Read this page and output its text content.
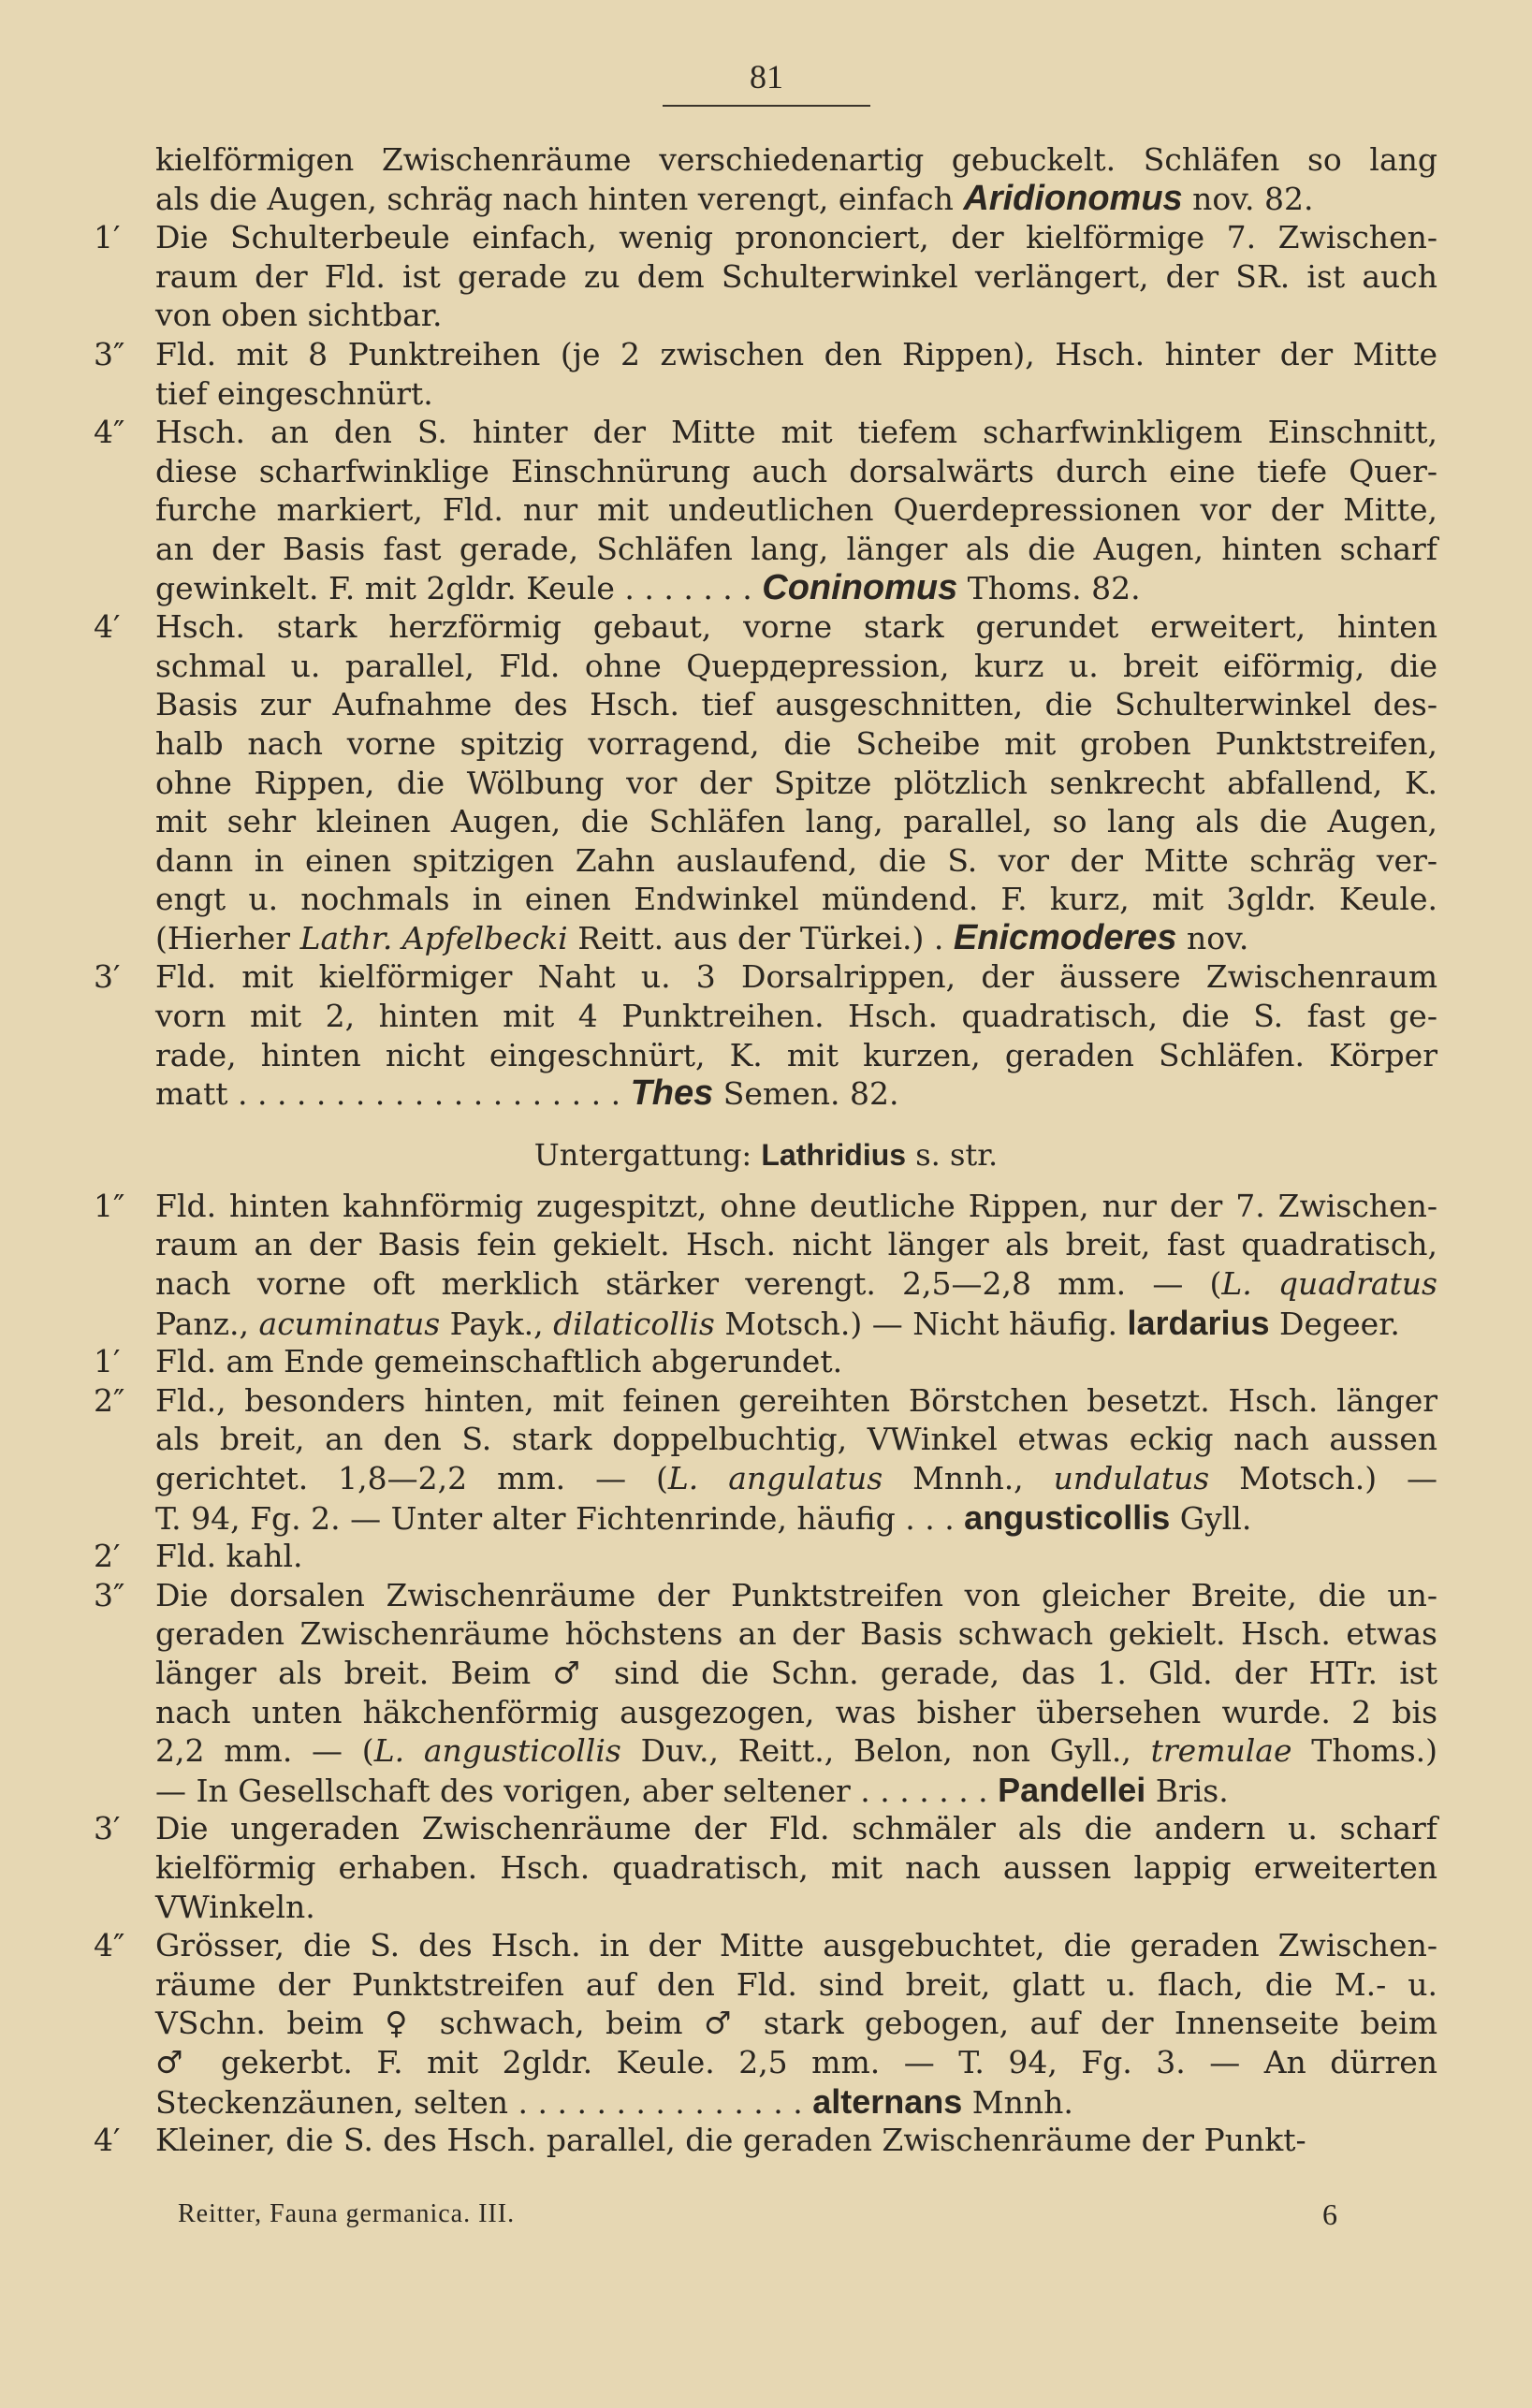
81
kielförmigen Zwischenräume verschiedenartig gebuckelt. Schläfen so lang
als die Augen, schräg nach hinten verengt, einfach Aridionomus nov. 82.
1′	Die Schulterbeule einfach, wenig prononciert, der kielförmige 7. Zwischen-
raum der Fld. ist gerade zu dem Schulterwinkel verlängert, der SR. ist auch
von oben sichtbar.
3″ Fld. mit 8 Punktreihen (je 2 zwischen den Rippen), Hsch. hinter der Mitte
tief eingeschnürt.
4″ Hsch. an den S. hinter der Mitte mit tiefem scharfwinkligem Einschnitt,
diese scharfwinklige Einschnürung auch dorsalwärts durch eine tiefe Quer-
furche markiert, Fld. nur mit undeutlichen Querdepressionen vor der Mitte,
an der Basis fast gerade, Schläfen lang, länger als die Augen, hinten scharf
gewinkelt. F. mit 2gldr. Keule . . . . . . . Coninomus Thoms. 82.
4′	Hsch. stark herzförmig gebaut, vorne stark gerundet erweitert, hinten
schmal u. parallel, Fld. ohne Quердepression, kurz u. breit eiförmig, die
Basis zur Aufnahme des Hsch. tief ausgeschnitten, die Schulterwinkel des-
halb nach vorne spitzig vorragend, die Scheibe mit groben Punktstreifen,
ohne Rippen, die Wölbung vor der Spitze plötzlich senkrecht abfallend, K.
mit sehr kleinen Augen, die Schläfen lang, parallel, so lang als die Augen,
dann in einen spitzigen Zahn auslaufend, die S. vor der Mitte schräg ver-
engt u. nochmals in einen Endwinkel mündend. F. kurz, mit 3gldr. Keule.
(Hierher Lathr. Apfelbecki Reitt. aus der Türkei.) . Enicmoderes nov.
3′	Fld. mit kielförmiger Naht u. 3 Dorsalrippen, der äussere Zwischenraum
vorn mit 2, hinten mit 4 Punktreihen. Hsch. quadratisch, die S. fast ge-
rade, hinten nicht eingeschnürt, K. mit kurzen, geraden Schläfen. Körper
matt . . . . . . . . . . . . . . . . . . . . Thes Semen. 82.
Untergattung: Lathridius s. str.
1″ Fld. hinten kahnförmig zugespitzt, ohne deutliche Rippen, nur der 7. Zwischen-
raum an der Basis fein gekielt. Hsch. nicht länger als breit, fast quadratisch,
nach vorne oft merklich stärker verengt. 2,5—2,8 mm. — (L. quadratus
Panz., acuminatus Payk., dilaticollis Motsch.) — Nicht häufig. lardarius Degeer.
1′	Fld. am Ende gemeinschaftlich abgerundet.
2″ Fld., besonders hinten, mit feinen gereihten Börstchen besetzt. Hsch. länger
als breit, an den S. stark doppelbuchtig, VWinkel etwas eckig nach aussen
gerichtet. 1,8—2,2 mm. — (L. angulatus Mnnh., undulatus Motsch.) —
T. 94, Fg. 2. — Unter alter Fichtenrinde, häufig . . . angusticollis Gyll.
2′	Fld. kahl.
3″ Die dorsalen Zwischenräume der Punktstreifen von gleicher Breite, die un-
geraden Zwischenräume höchstens an der Basis schwach gekielt. Hsch. etwas
länger als breit. Beim ♂ sind die Schn. gerade, das 1. Gld. der HTr. ist
nach unten häkchenförmig ausgezogen, was bisher übersehen wurde. 2 bis
2,2 mm. — (L. angusticollis Duv., Reitt., Belon, non Gyll., tremulae Thoms.)
— In Gesellschaft des vorigen, aber seltener . . . . . . . Pandellei Bris.
3′	Die ungeraden Zwischenräume der Fld. schmäler als die andern u. scharf
kielförmig erhaben. Hsch. quadratisch, mit nach aussen lappig erweiterten
VWinkeln.
4″ Grösser, die S. des Hsch. in der Mitte ausgebuchtet, die geraden Zwischen-
räume der Punktstreifen auf den Fld. sind breit, glatt u. flach, die M.- u.
VSchn. beim ♀ schwach, beim ♂ stark gebogen, auf der Innenseite beim
♂ gekerbt. F. mit 2gldr. Keule. 2,5 mm. — T. 94, Fg. 3. — An dürren
Steckenzäunen, selten . . . . . . . . . . . . . . . alternans Mnnh.
4′	Kleiner, die S. des Hsch. parallel, die geraden Zwischenräume der Punkt-
Reitter, Fauna germanica. III.	6
